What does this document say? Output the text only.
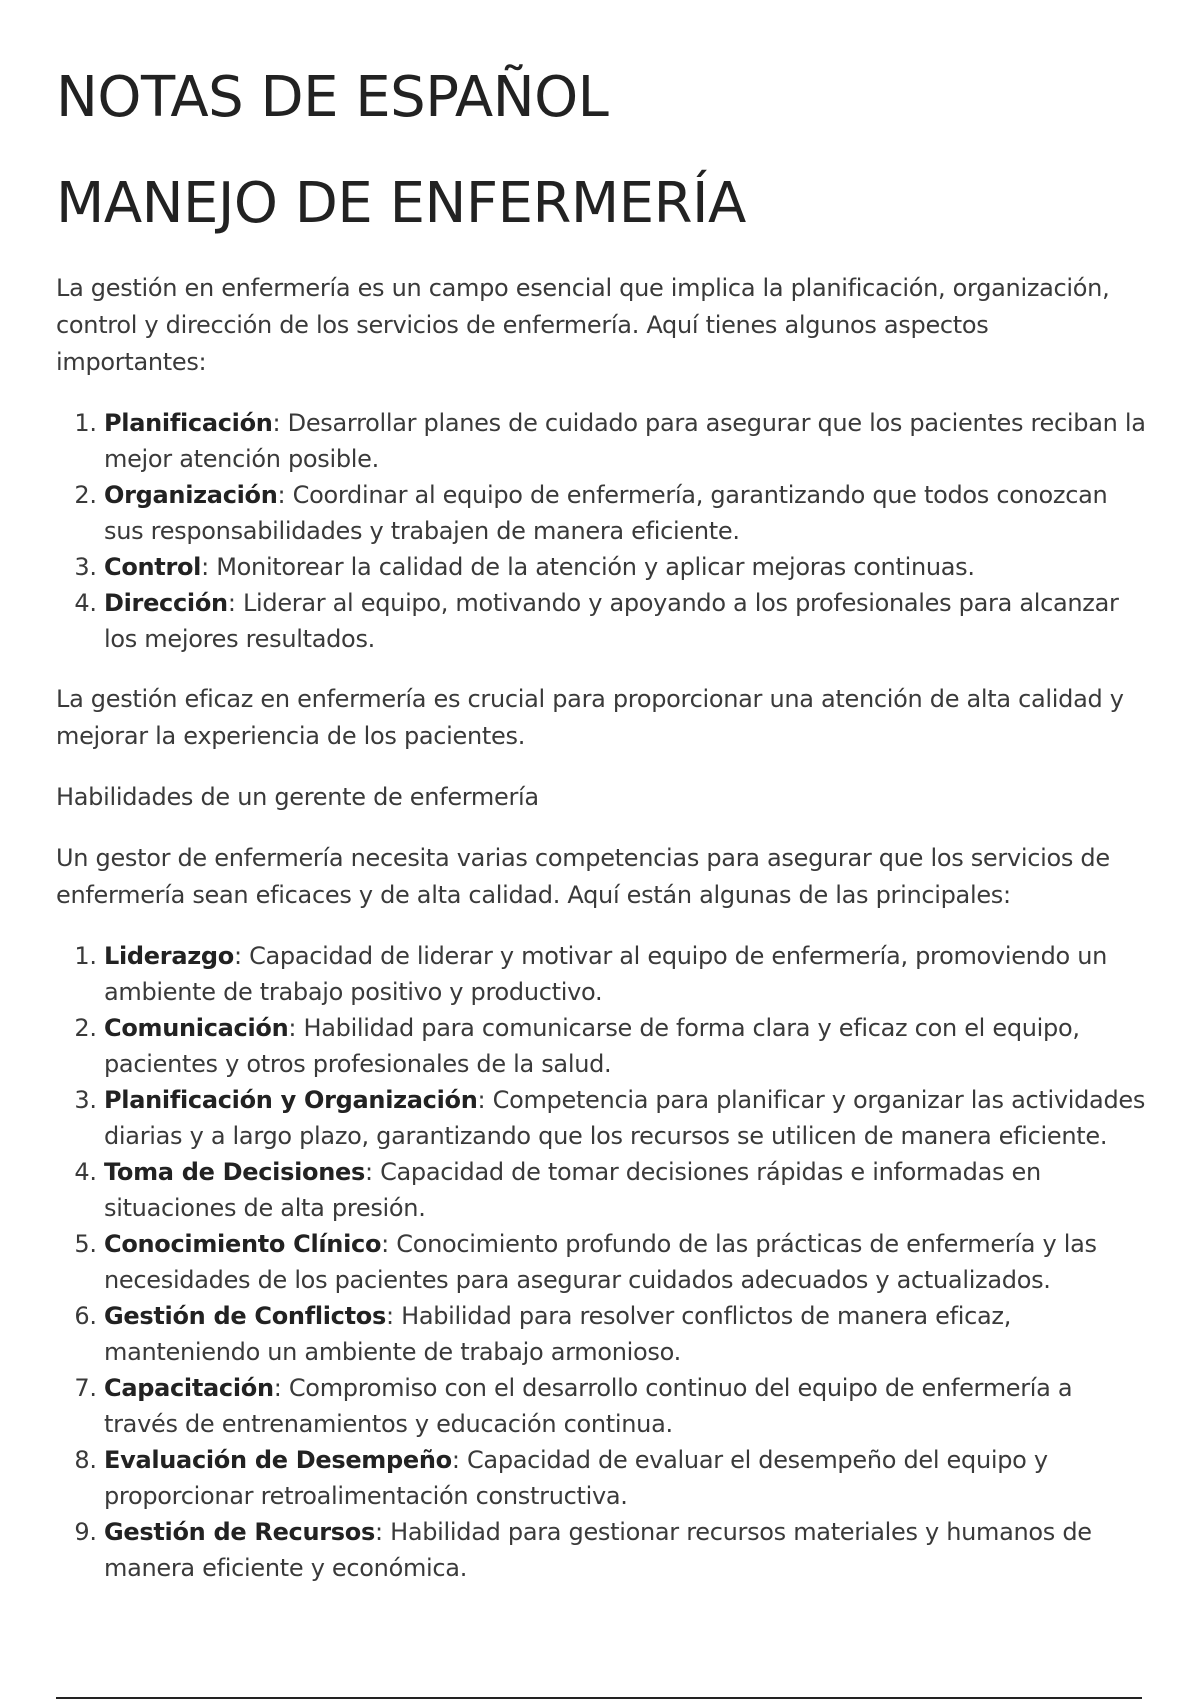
NOTAS DE ESPAÑOL
MANEJO DE ENFERMERÍA

La gestión en enfermería es un campo esencial que implica la planificación, organización, control y dirección de los servicios de enfermería. Aquí tienes algunos aspectos importantes:

1. Planificación: Desarrollar planes de cuidado para asegurar que los pacientes reciban la mejor atención posible.
2. Organización: Coordinar al equipo de enfermería, garantizando que todos conozcan sus responsabilidades y trabajen de manera eficiente.
3. Control: Monitorear la calidad de la atención y aplicar mejoras continuas.
4. Dirección: Liderar al equipo, motivando y apoyando a los profesionales para alcanzar los mejores resultados.

La gestión eficaz en enfermería es crucial para proporcionar una atención de alta calidad y mejorar la experiencia de los pacientes.

Habilidades de un gerente de enfermería

Un gestor de enfermería necesita varias competencias para asegurar que los servicios de enfermería sean eficaces y de alta calidad. Aquí están algunas de las principales:

1. Liderazgo: Capacidad de liderar y motivar al equipo de enfermería, promoviendo un ambiente de trabajo positivo y productivo.
2. Comunicación: Habilidad para comunicarse de forma clara y eficaz con el equipo, pacientes y otros profesionales de la salud.
3. Planificación y Organización: Competencia para planificar y organizar las actividades diarias y a largo plazo, garantizando que los recursos se utilicen de manera eficiente.
4. Toma de Decisiones: Capacidad de tomar decisiones rápidas e informadas en situaciones de alta presión.
5. Conocimiento Clínico: Conocimiento profundo de las prácticas de enfermería y las necesidades de los pacientes para asegurar cuidados adecuados y actualizados.
6. Gestión de Conflictos: Habilidad para resolver conflictos de manera eficaz, manteniendo un ambiente de trabajo armonioso.
7. Capacitación: Compromiso con el desarrollo continuo del equipo de enfermería a través de entrenamientos y educación continua.
8. Evaluación de Desempeño: Capacidad de evaluar el desempeño del equipo y proporcionar retroalimentación constructiva.
9. Gestión de Recursos: Habilidad para gestionar recursos materiales y humanos de manera eficiente y económica.
